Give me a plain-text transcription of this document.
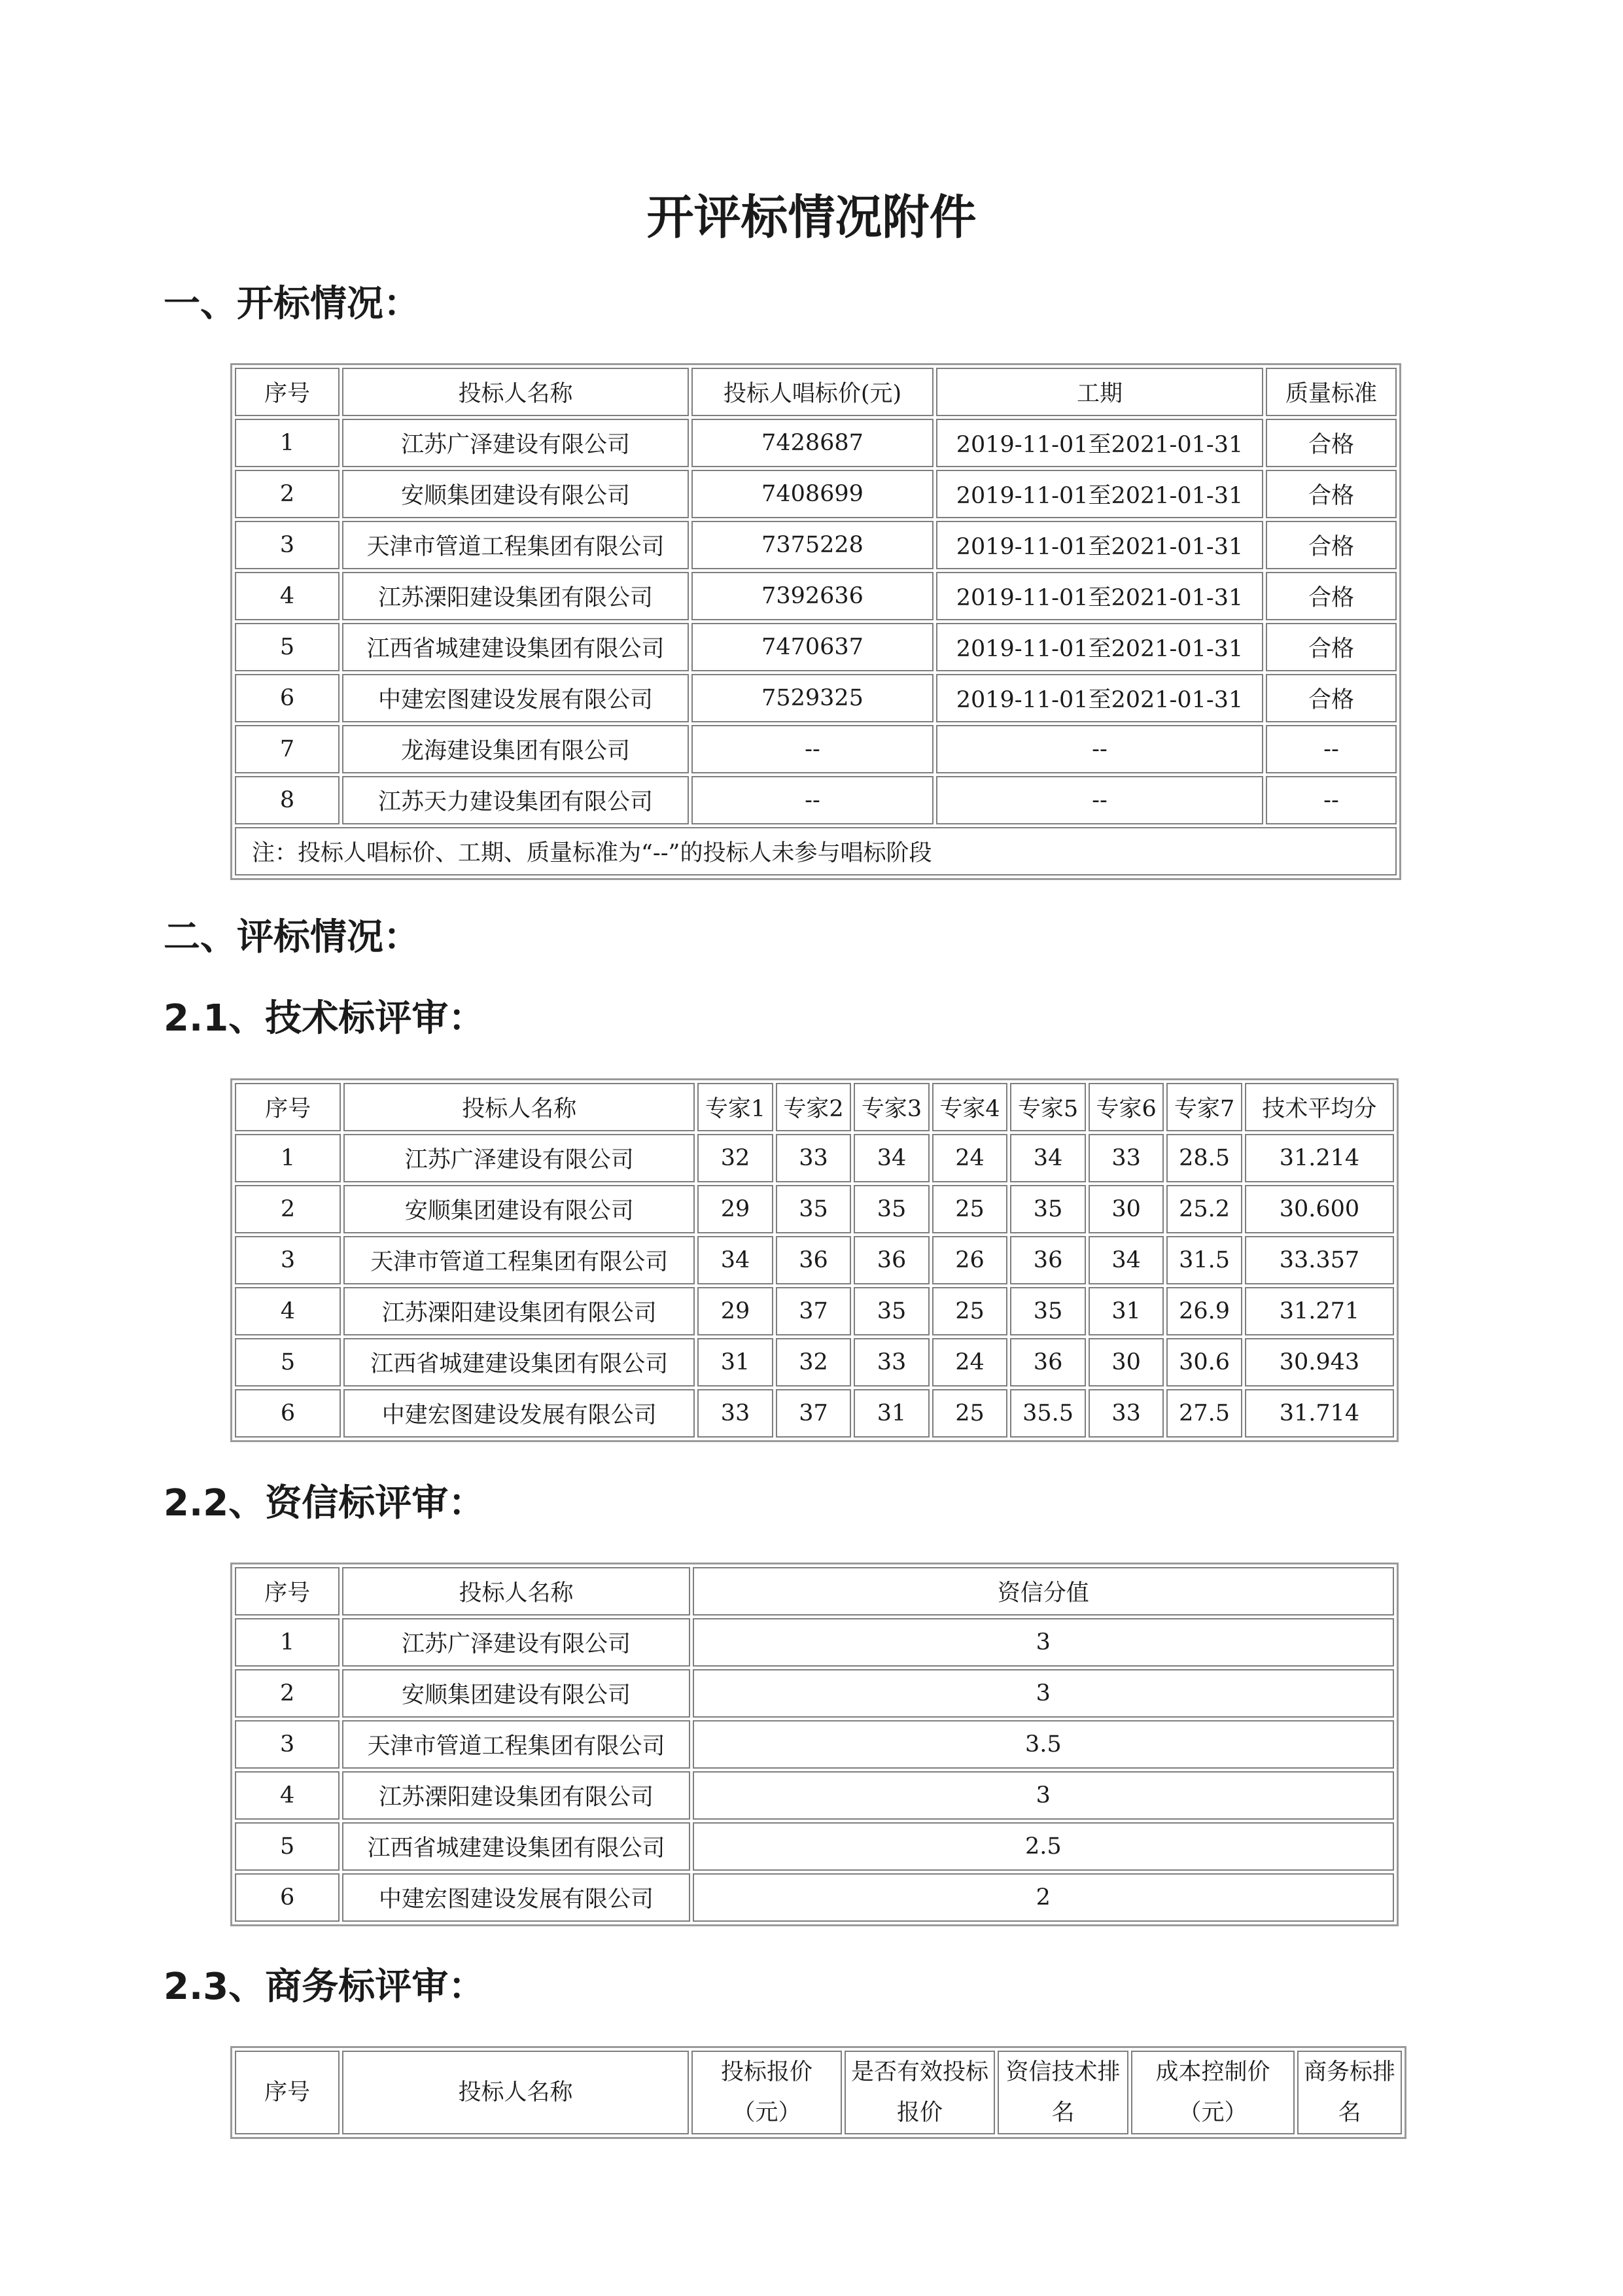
开评标情况附件
一、开标情况：
序号	投标人名称	投标人唱标价(元)	工期	质量标准
1	江苏广泽建设有限公司	7428687	2019-11-01至2021-01-31	合格
2	安顺集团建设有限公司	7408699	2019-11-01至2021-01-31	合格
3	天津市管道工程集团有限公司	7375228	2019-11-01至2021-01-31	合格
4	江苏溧阳建设集团有限公司	7392636	2019-11-01至2021-01-31	合格
5	江西省城建建设集团有限公司	7470637	2019-11-01至2021-01-31	合格
6	中建宏图建设发展有限公司	7529325	2019-11-01至2021-01-31	合格
7	龙海建设集团有限公司	--	--	--
8	江苏天力建设集团有限公司	--	--	--
注：投标人唱标价、工期、质量标准为“--”的投标人未参与唱标阶段				
二、评标情况：
2.1、技术标评审：
序号	投标人名称	专家1	专家2	专家3	专家4	专家5	专家6	专家7	技术平均分
1	江苏广泽建设有限公司	32	33	34	24	34	33	28.5	31.214
2	安顺集团建设有限公司	29	35	35	25	35	30	25.2	30.600
3	天津市管道工程集团有限公司	34	36	36	26	36	34	31.5	33.357
4	江苏溧阳建设集团有限公司	29	37	35	25	35	31	26.9	31.271
5	江西省城建建设集团有限公司	31	32	33	24	36	30	30.6	30.943
6	中建宏图建设发展有限公司	33	37	31	25	35.5	33	27.5	31.714
2.2、资信标评审：
序号	投标人名称	资信分值
1	江苏广泽建设有限公司	3
2	安顺集团建设有限公司	3
3	天津市管道工程集团有限公司	3.5
4	江苏溧阳建设集团有限公司	3
5	江西省城建建设集团有限公司	2.5
6	中建宏图建设发展有限公司	2
2.3、商务标评审：
序号	投标人名称	投标报价（元）	是否有效投标报价	资信技术排名	成本控制价（元）	商务标排名
